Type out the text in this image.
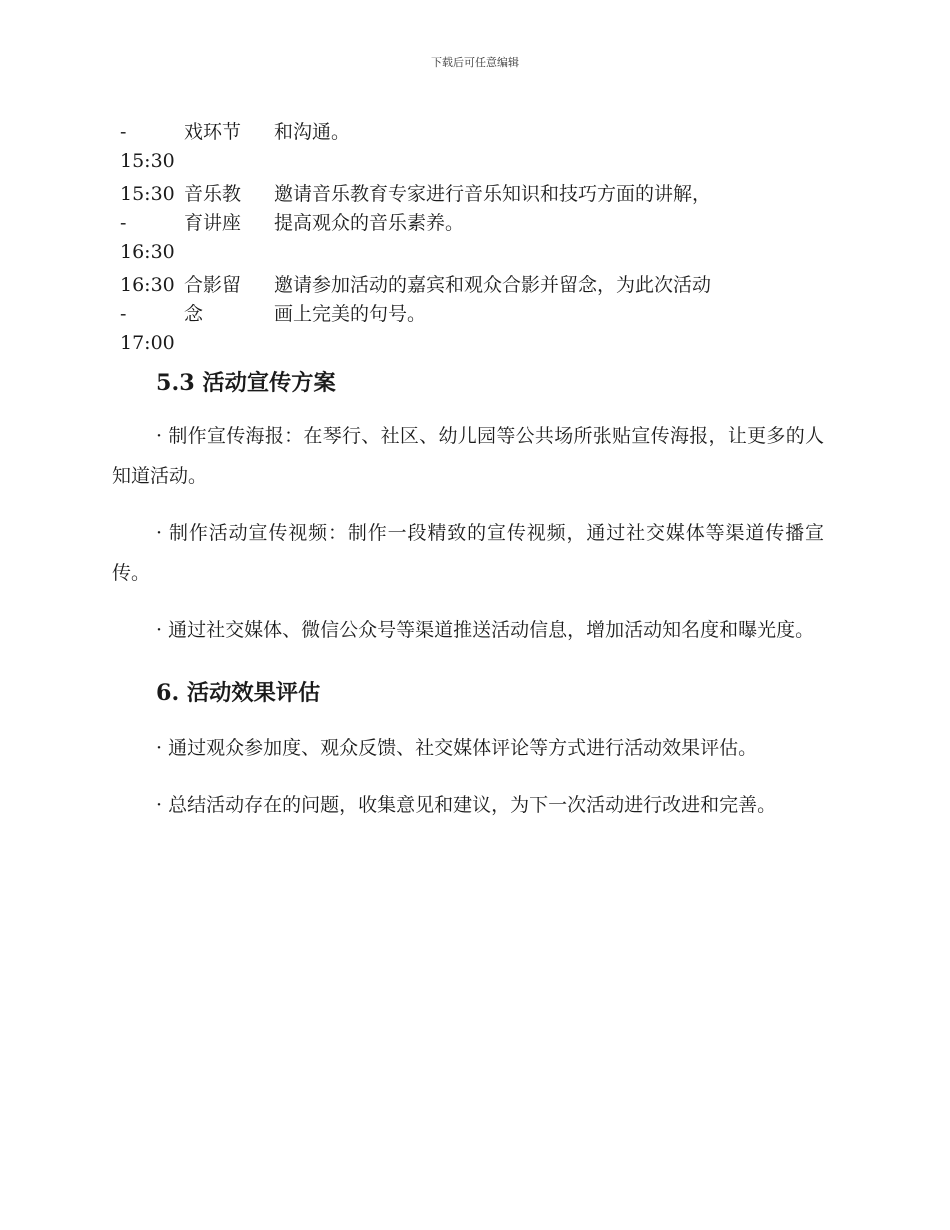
下载后可任意编辑
-
15:30
戏环节	和沟通。
15:30
-
16:30
音乐教
育讲座
邀请音乐教育专家进行音乐知识和技巧方面的讲解，
提高观众的音乐素养。
16:30
-
17:00
合影留
念
邀请参加活动的嘉宾和观众合影并留念，为此次活动
画上完美的句号。
5.3 活动宣传方案

· 制作宣传海报：在琴行、社区、幼儿园等公共场所张贴宣传海报，让更多的人知道活动。

· 制作活动宣传视频：制作一段精致的宣传视频，通过社交媒体等渠道传播宣传。

· 通过社交媒体、微信公众号等渠道推送活动信息，增加活动知名度和曝光度。

6. 活动效果评估

· 通过观众参加度、观众反馈、社交媒体评论等方式进行活动效果评估。

· 总结活动存在的问题，收集意见和建议，为下一次活动进行改进和完善。
